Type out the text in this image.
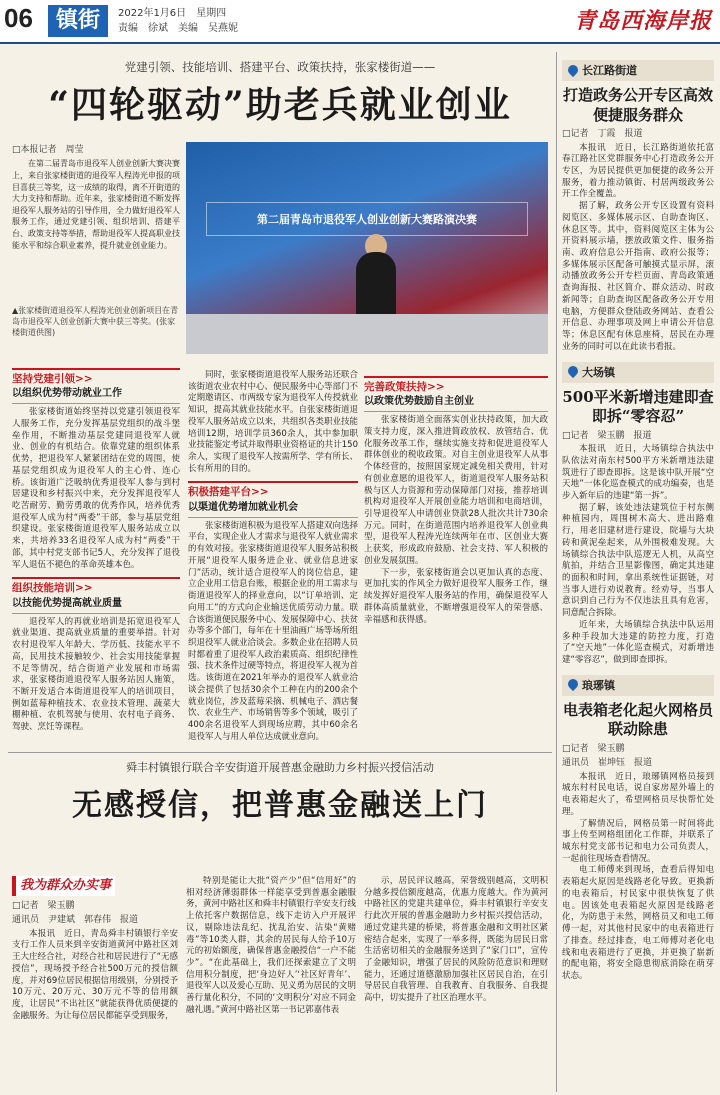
06	镇街	2022年1月6日 星期四
责编　徐斌 美编　吴燕妮	青岛西海岸报
党建引领、技能培训、搭建平台、政策扶持，张家楼街道——
“四轮驱动”助老兵就业创业
□本报记者　周莹

在第二届青岛市退役军人创业创新大赛决赛上，来自张家楼街道的退役军人程涛光申报的项目喜获三等奖，这一成绩的取得，离不开街道的大力支持和帮助。近年来，张家楼街道不断发挥退役军人服务站的引导作用，全力做好退役军人服务工作，通过党建引领、组织培训、搭建平台、政策支持等举措，帮助退役军人提高职业技能水平和综合职业素养，提升就业创业能力。

▲张家楼街道退役军人程涛光创业创新项目在青岛市退役军人创业创新大赛中获三等奖。(张家楼街道供图)
第二届青岛市退役军人创业创新大赛路演决赛
坚持党建引领>>
以组织优势带动就业工作

张家楼街道始终坚持以党建引领退役军人服务工作，充分发挥基层党组织的战斗堡垒作用，不断推动基层党建同退役军人就业、创业的有机结合。依靠党建的组织体系优势，把退役军人紧紧团结在党的周围，使基层党组织成为退役军人的主心骨、连心桥。该街道广泛吸纳优秀退役军人参与到村居建设和乡村振兴中来，充分发挥退役军人吃苦耐劳、勤劳勇敢的优秀作风，培养优秀退役军人成为村“两委”干部，参与基层党组织建设。张家楼街道退役军人服务站成立以来，共培养33名退役军人成为村“两委”干部，其中村党支部书记5人，充分发挥了退役军人退伍不褪色的革命英雄本色。

组织技能培训>>
以技能优势提高就业质量

退役军人的再就业培训是拓宽退役军人就业渠道、提高就业质量的重要举措。针对农村退役军人年龄大、学历低、技能水平不高，民用技术接触较少、社会实用技能掌握不足等情况，结合街道产业发展和市场需求，张家楼街道退役军人服务站因人施策，不断开发适合本街道退役军人的培训项目，例如蓝莓种植技术、农业技术管理、蔬菜大棚种植、农机驾驶与使用、农村电子商务、驾驶、烹饪等课程。

同时，张家楼街道退役军人服务站还联合该街道农业农村中心、便民服务中心等部门不定期邀请区、市两级专家为退役军人传授就业知识，提高其就业技能水平。自张家楼街道退役军人服务站成立以来，共组织各类职业技能培训12期，培训学员360余人，其中参加职业技能鉴定考试并取得职业资格证的共计150余人，实现了退役军人按需所学、学有所长、长有所用的目的。

积极搭建平台>>
以渠道优势增加就业机会

张家楼街道积极为退役军人搭建双向选择平台，实现企业人才需求与退役军人就业需求的有效对接。张家楼街道退役军人服务站积极开展“退役军人服务进企业、就业信息进家门”活动，统计适合退役军人的岗位信息，建立企业用工信息台账，根据企业的用工需求与街道退役军人的择业意向，以“订单培训、定向用工”的方式向企业输送优质劳动力量。联合该街道便民服务中心、发展保障中心、扶贫办等多个部门，每年在十里油画广场等场所组织退役军人就业洽谈会。多数企业在招聘人员时都着重了退役军人政治素质高、组织纪律性强、技术条件过硬等特点，将退役军人视为首选。该街道在2021年举办的退役军人就业洽谈会提供了包括30余个工种在内的200余个就业岗位，涉及蓝莓采摘、机械电子、酒店餐饮、农业生产、市场销售等多个领域，吸引了400余名退役军人到现场应聘，其中60余名退役军人与用人单位达成就业意向。

完善政策扶持>>
以政策优势鼓励自主创业

张家楼街道全面落实创业扶持政策，加大政策支持力度，深入推进简政放权、放管结合、优化服务改革工作，继续实施支持和促进退役军人群体创业的税收政策。对自主创业退役军人从事个体经营的，按照国家规定减免相关费用，针对有创业意愿的退役军人，街道退役军人服务站积极与区人力资源和劳动保障部门对接，推荐培训机构对退役军人开展创业能力培训和电商培训，引导退役军人申请创业贷款28人批次共计730余万元。同时，在街道范围内培养退役军人创业典型，退役军人程涛光连续两年在市、区创业大赛上获奖，形成政府鼓励、社会支持、军人积极的创业发展氛围。

下一步，张家楼街道会以更加认真的态度、更加扎实的作风全力做好退役军人服务工作，继续发挥好退役军人服务站的作用，确保退役军人群体高质量就业，不断增强退役军人的荣誉感、幸福感和获得感。

长江路街道
打造政务公开专区高效便捷服务群众
□记者　丁霞　报道

本报讯　近日，长江路街道依托富春江路社区党群服务中心打造政务公开专区，为居民提供更加便捷的政务公开服务，着力推动镇街、村居两级政务公开工作全覆盖。

据了解，政务公开专区设置有资料阅览区、多媒体展示区、自助查询区、休息区等。其中，资料阅览区主体为公开资料展示墙，摆放政策文件、服务指南、政府信息公开指南、政府公报等；多媒体展示区配备可触摸式显示屏，滚动播放政务公开专栏页面、青岛政策通查询海报、社区简介、群众活动、时政新闻等；自助查询区配备政务公开专用电脑，方便群众登陆政务网站、查看公开信息、办理事项及网上申请公开信息等；休息区配有休息座椅，居民在办理业务的同时可以在此读书看报。

大场镇
500平米新增违建即查即拆“零容忍”
□记者　梁玉鹏　报道

本报讯　近日，大场镇综合执法中队依法对南东村500平方米新增违法建筑进行了即查即拆。这是该中队开展“空天地”一体化巡查模式的成功编奏，也是步入新年后的违建“第一拆”。

据了解，该处违法建筑位于村东侧种植园内，周围树木高大、进出路难行，用老旧建材进行建设，院墙与大块砖和黄泥垒起来，从外围极难发现。大场镇综合执法中队巡逻无人机，从高空航拍，并结合卫星影像图，确定其违建的面积和时间，拿出系统性证据链，对当事人进行劝说教育。经劝导，当事人意识到自己行为不仅违法且具有危害，同意配合拆除。

近年来，大场镇综合执法中队运用多种手段加大违建的防控力度，打造了“空天地”一体化巡查模式，对新增违建“零容忍”，做到即查即拆。

琅琊镇
电表箱老化起火网格员联动除患
□记者　梁玉鹏
通讯员　崔坤钰　报道

本报讯　近日，琅琊镇网格员接到城东村村民电话，说自家房屋外墙上的电表箱起火了，希望网格员尽快帮忙处理。

了解情况后，网格员第一时间将此事上传至网格组团化工作群，并联系了城东村党支部书记和电力公司负责人，一起前往现场查看情况。

电工师傅来到现场，查看后得知电表箱起火原因是线路老化导致。更换新的电表箱后，村民家中很快恢复了供电。因该处电表箱起火原因是线路老化，为防患于未然，网格员又和电工师傅一起，对其他村民家中的电表箱进行了排查。经过排查，电工师傅对老化电线和电表箱进行了更换，并更换了崭新的配电箱，将安全隐患彻底消除在萌芽状态。

舜丰村镇银行联合辛安街道开展普惠金融助力乡村振兴授信活动
无感授信，把普惠金融送上门
我为群众办实事
□记者　梁玉鹏
通讯员　尹建斌　郭春伟　报道

本报讯　近日，青岛舜丰村镇银行辛安支行工作人员来到辛安街道黄河中路社区刘王大庄经合社，对经合社和居民进行了“无感授信”，现场授予经合社500万元的授信额度，并对69位居民根据信用级别，分别授予10万元、20万元、30万元不等的信用额度，让居民“不出社区”就能获得优质便捷的金融服务。为让每位居民都能享受到服务，

特别是能让大批“资产少”但“信用好”的相对经济薄弱群体一样能享受到普惠金融服务，黄河中路社区和舜丰村镇银行辛安支行线上依托客户数据信息，线下走访入户开展评议，剔除违法乱纪、扰乱治安、沾染“黄赌毒”等10类人群，其余的居民每人给予10万元的初始额度，确保普惠金融授信“一户不能少”。“在此基础上，我们还探索建立了文明信用积分制度，把‘身边好人’‘社区好青年’、退役军人以及爱心互助、见义勇为居民的文明善行量化积分，不同的‘文明积分’对应不同金融礼遇。”黄河中路社区第一书记郭嘉伟表

示，居民评议越高，荣誉级别越高，文明积分越多授信额度越高，优惠力度越大。作为黄河中路社区的党建共建单位，舜丰村镇银行辛安支行此次开展的普惠金融助力乡村振兴授信活动，通过党建共建的桥梁，将普惠金融和文明社区紧密结合起来，实现了一举多得，既能为居民日常生活密切相关的金融服务送到了“家门口”，宣传了金融知识，增强了居民的风险防范意识和理财能力，还通过道德激励加强社区居民自治，在引导居民自我管理、自我教育、自我服务、自我提高中，切实提升了社区治理水平。
